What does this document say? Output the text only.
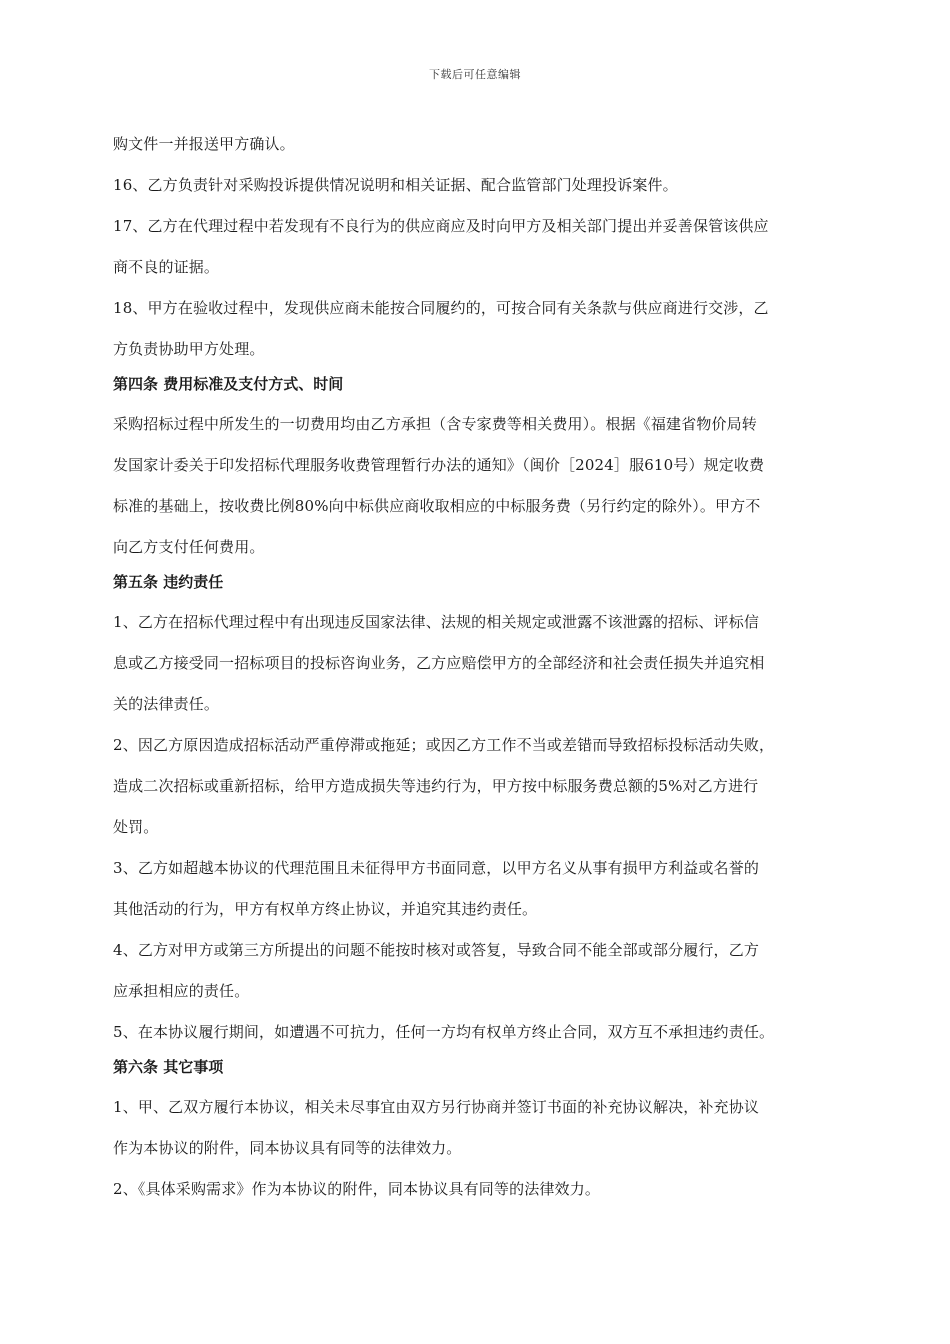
下载后可任意编辑
购文件一并报送甲方确认。
16、乙方负责针对采购投诉提供情况说明和相关证据、配合监管部门处理投诉案件。
17、乙方在代理过程中若发现有不良行为的供应商应及时向甲方及相关部门提出并妥善保管该供应
商不良的证据。
18、甲方在验收过程中，发现供应商未能按合同履约的，可按合同有关条款与供应商进行交涉，乙
方负责协助甲方处理。
第四条 费用标准及支付方式、时间
采购招标过程中所发生的一切费用均由乙方承担（含专家费等相关费用）。根据《福建省物价局转
发国家计委关于印发招标代理服务收费管理暂行办法的通知》（闽价［2024］服610号）规定收费
标准的基础上，按收费比例80%向中标供应商收取相应的中标服务费（另行约定的除外）。甲方不
向乙方支付任何费用。
第五条 违约责任
1、乙方在招标代理过程中有出现违反国家法律、法规的相关规定或泄露不该泄露的招标、评标信
息或乙方接受同一招标项目的投标咨询业务，乙方应赔偿甲方的全部经济和社会责任损失并追究相
关的法律责任。
2、因乙方原因造成招标活动严重停滞或拖延；或因乙方工作不当或差错而导致招标投标活动失败，
造成二次招标或重新招标，给甲方造成损失等违约行为，甲方按中标服务费总额的5%对乙方进行
处罚。
3、乙方如超越本协议的代理范围且未征得甲方书面同意，以甲方名义从事有损甲方利益或名誉的
其他活动的行为，甲方有权单方终止协议，并追究其违约责任。
4、乙方对甲方或第三方所提出的问题不能按时核对或答复，导致合同不能全部或部分履行，乙方
应承担相应的责任。
5、在本协议履行期间，如遭遇不可抗力，任何一方均有权单方终止合同，双方互不承担违约责任。
第六条 其它事项
1、甲、乙双方履行本协议，相关未尽事宜由双方另行协商并签订书面的补充协议解决，补充协议
作为本协议的附件，同本协议具有同等的法律效力。
2、《具体采购需求》作为本协议的附件，同本协议具有同等的法律效力。
